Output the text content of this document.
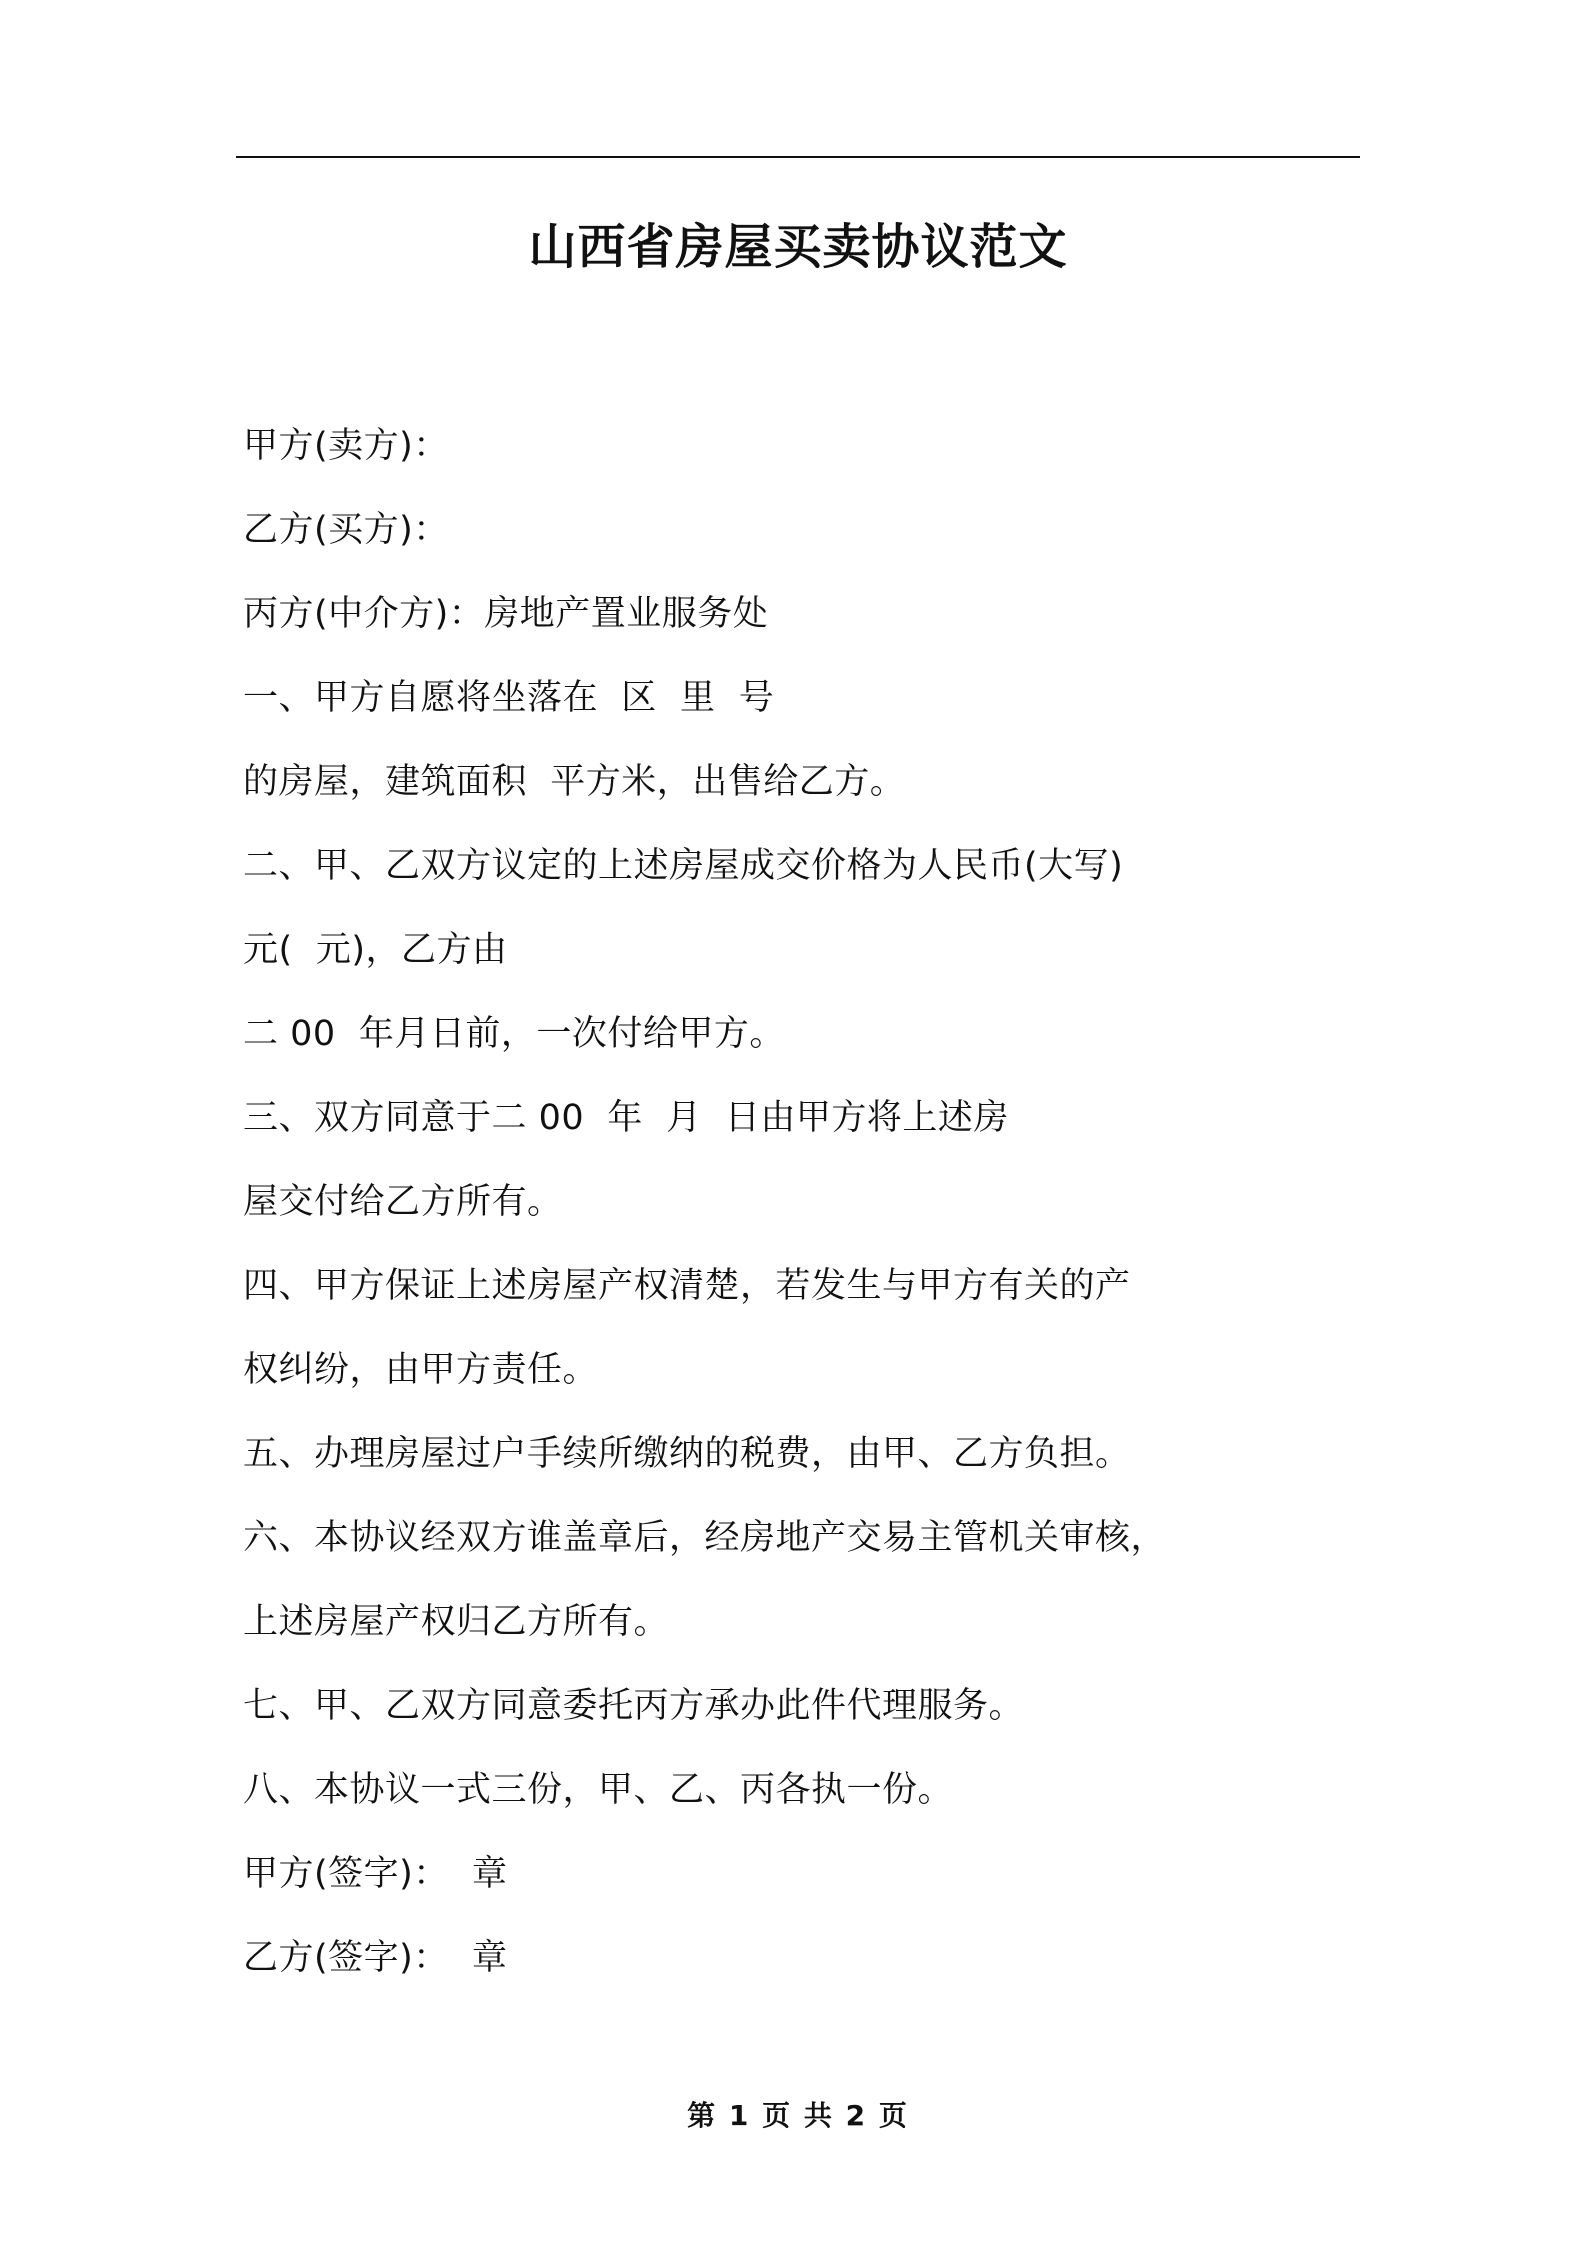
山西省房屋买卖协议范文
甲方(卖方)：
乙方(买方)：
丙方(中介方)：房地产置业服务处
一、甲方自愿将坐落在  区  里  号
的房屋，建筑面积  平方米，出售给乙方。
二、甲、乙双方议定的上述房屋成交价格为人民币(大写)
元(  元)，乙方由
二 00  年月日前，一次付给甲方。
三、双方同意于二 00  年  月  日由甲方将上述房
屋交付给乙方所有。
四、甲方保证上述房屋产权清楚，若发生与甲方有关的产
权纠纷，由甲方责任。
五、办理房屋过户手续所缴纳的税费，由甲、乙方负担。
六、本协议经双方谁盖章后，经房地产交易主管机关审核，
上述房屋产权归乙方所有。
七、甲、乙双方同意委托丙方承办此件代理服务。
八、本协议一式三份，甲、乙、丙各执一份。
甲方(签字)：  章
乙方(签字)：  章
第 1 页 共 2 页
